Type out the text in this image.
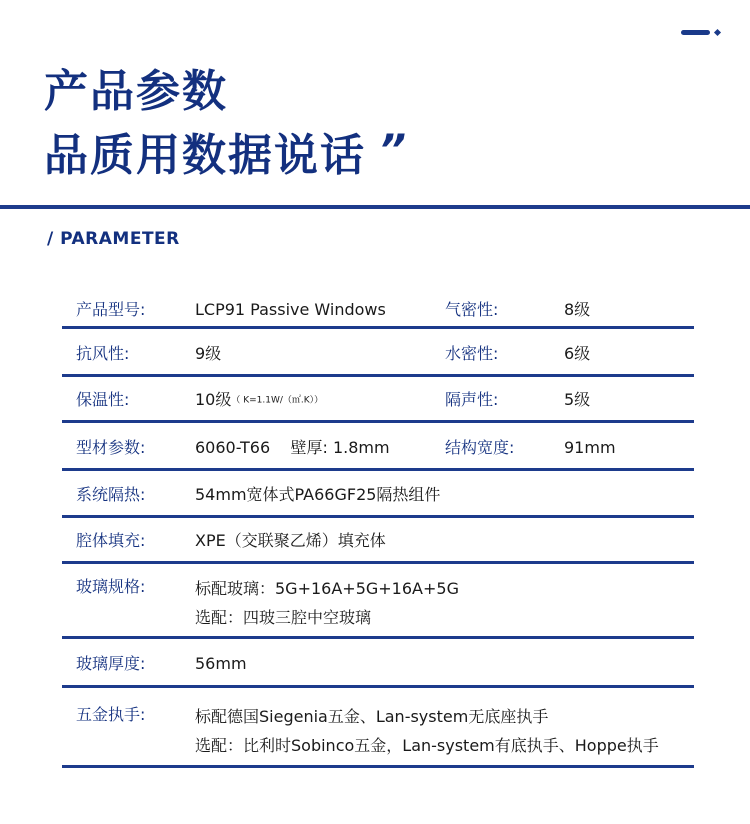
产品参数
品质用数据说话 ”
/ PARAMETER
产品型号:	LCP91 Passive Windows	气密性:	8级
抗风性:	9级	水密性:	6级
保温性:	10级（ K=1.1W/（㎡.K））	隔声性:	5级
型材参数:	6060-T66    壁厚: 1.8mm	结构宽度:	91mm
系统隔热:	54mm宽体式PA66GF25隔热组件
腔体填充:	XPE（交联聚乙烯）填充体
玻璃规格:	标配玻璃：5G+16A+5G+16A+5G
选配：四玻三腔中空玻璃
玻璃厚度:	56mm
五金执手:	标配德国Siegenia五金、Lan-system无底座执手
选配：比利时Sobinco五金，Lan-system有底执手、Hoppe执手
